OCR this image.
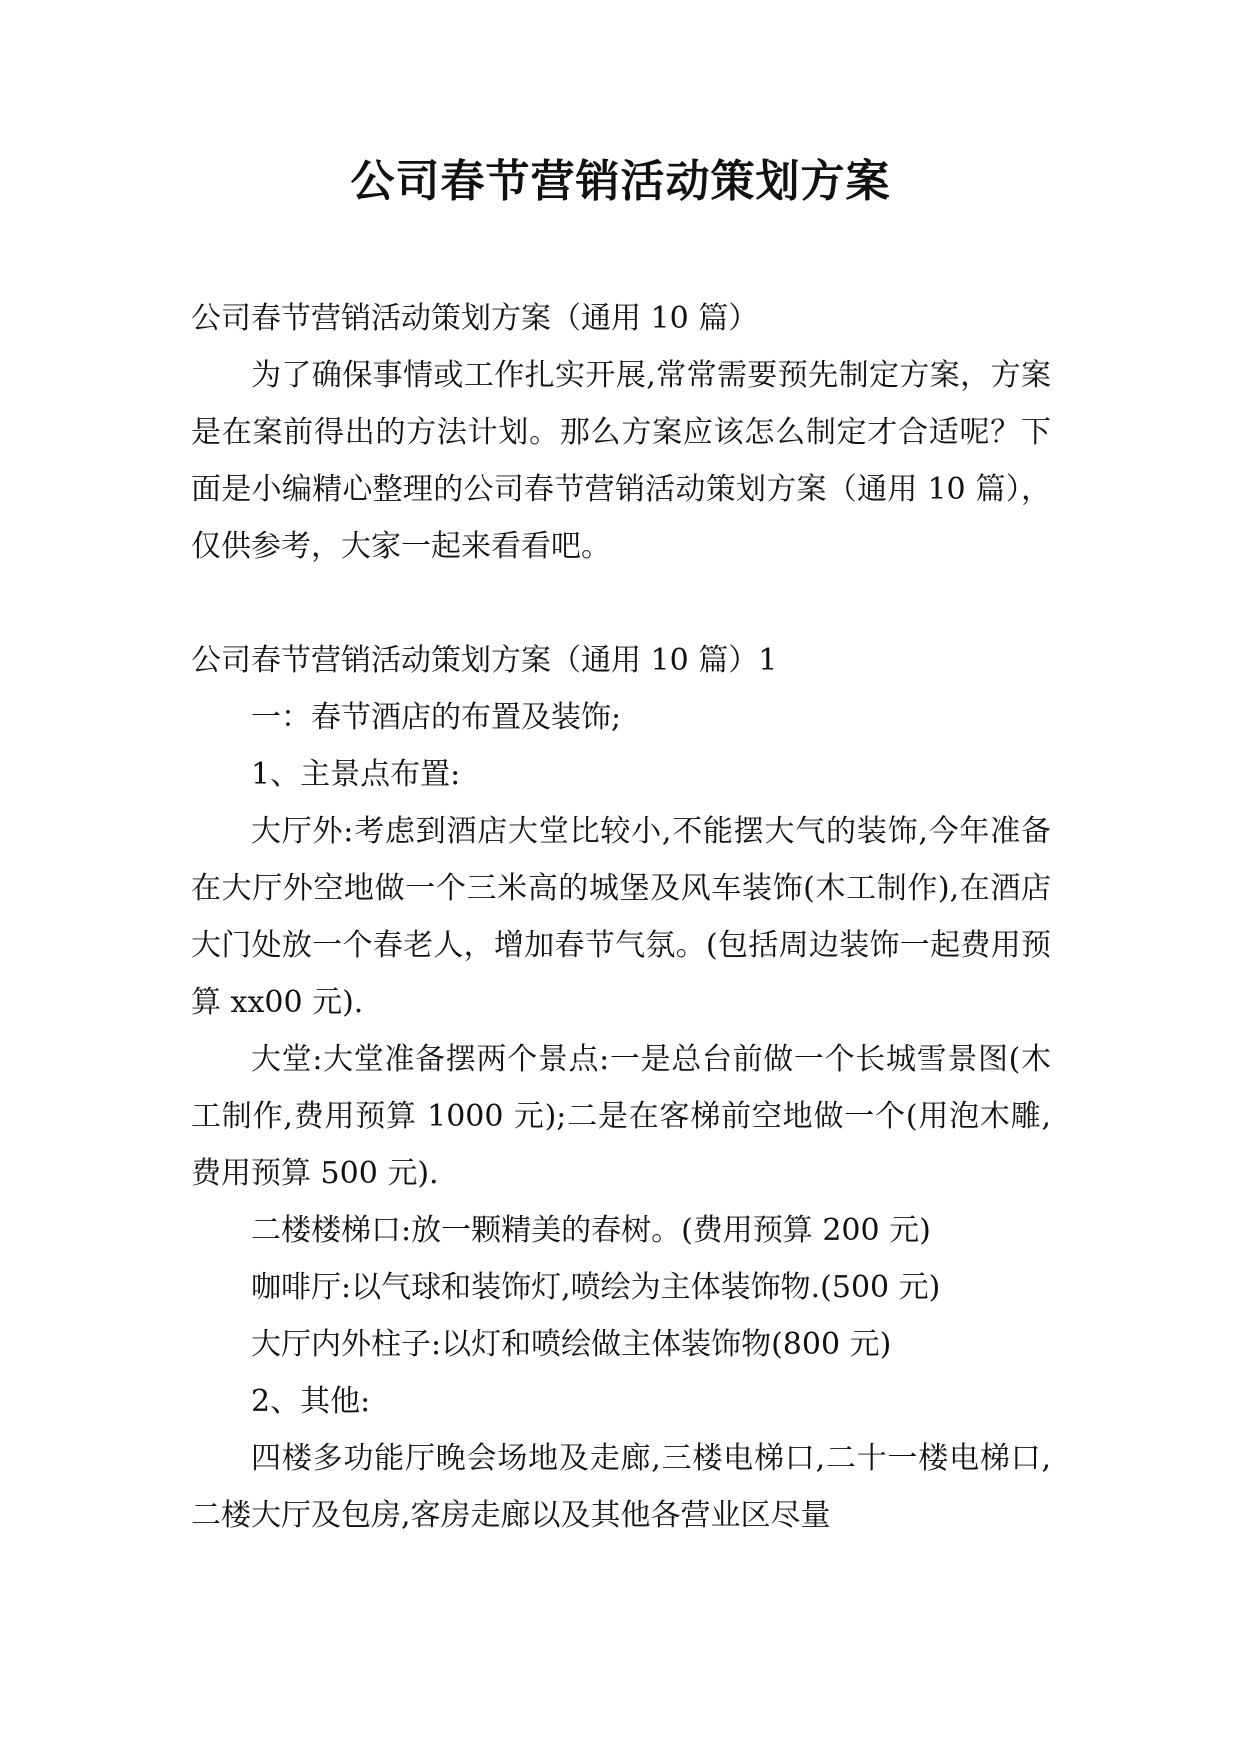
公司春节营销活动策划方案

公司春节营销活动策划方案（通用 10 篇）

为了确保事情或工作扎实开展,常常需要预先制定方案，方案是在案前得出的方法计划。那么方案应该怎么制定才合适呢？下面是小编精心整理的公司春节营销活动策划方案（通用 10 篇），仅供参考，大家一起来看看吧。

公司春节营销活动策划方案（通用 10 篇）1

一：春节酒店的布置及装饰;

1、主景点布置:

大厅外:考虑到酒店大堂比较小,不能摆大气的装饰,今年准备在大厅外空地做一个三米高的城堡及风车装饰(木工制作),在酒店大门处放一个春老人，增加春节气氛。(包括周边装饰一起费用预算 xx00 元).

大堂:大堂准备摆两个景点:一是总台前做一个长城雪景图(木工制作,费用预算 1000 元);二是在客梯前空地做一个(用泡木雕,费用预算 500 元).

二楼楼梯口:放一颗精美的春树。(费用预算 200 元)

咖啡厅:以气球和装饰灯,喷绘为主体装饰物.(500 元)

大厅内外柱子:以灯和喷绘做主体装饰物(800 元)

2、其他:

四楼多功能厅晚会场地及走廊,三楼电梯口,二十一楼电梯口,二楼大厅及包房,客房走廊以及其他各营业区尽量
